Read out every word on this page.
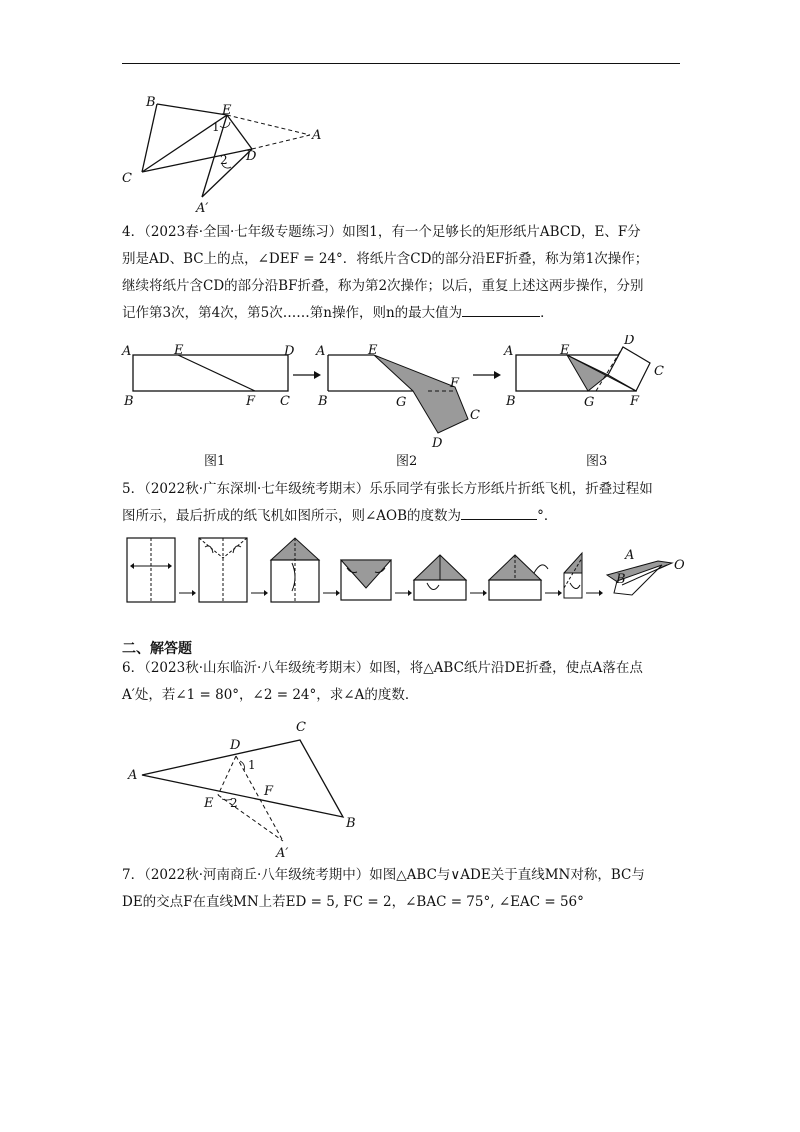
B
E
1
A
2 D
C
A′
4．（2023春·全国·七年级专题练习）如图1，有一个足够长的矩形纸片ABCD，E、F分
别是AD、BC上的点，∠DEF = 24°．将纸片含CD的部分沿EF折叠，称为第1次操作；
继续将纸片含CD的部分沿BF折叠，称为第2次操作；以后，重复上述这两步操作，分别
记作第3次，第4次，第5次……第n操作，则n的最大值为	．
A	E	D
B	F C
A	E
F
B	G
C
D
A	E
D
C
B	G	F
图1	图2	图3
5．（2022秋·广东深圳·七年级统考期末）乐乐同学有张长方形纸片折纸飞机，折叠过程如
图所示，最后折成的纸飞机如图所示，则∠AOB的度数为	°．
A
O
B
二、解答题
6．（2023秋·山东临沂·八年级统考期末）如图，将△ABC纸片沿DE折叠，使点A落在点
A′处，若∠1 = 80°，∠2 = 24°，求∠A的度数．
C
D
1
A
E 2
F
B
A′
7．（2022秋·河南商丘·八年级统考期中）如图△ABC与∨ADE关于直线MN对称，BC与
DE的交点F在直线MN上若ED = 5, FC = 2，∠BAC = 75°, ∠EAC = 56°
